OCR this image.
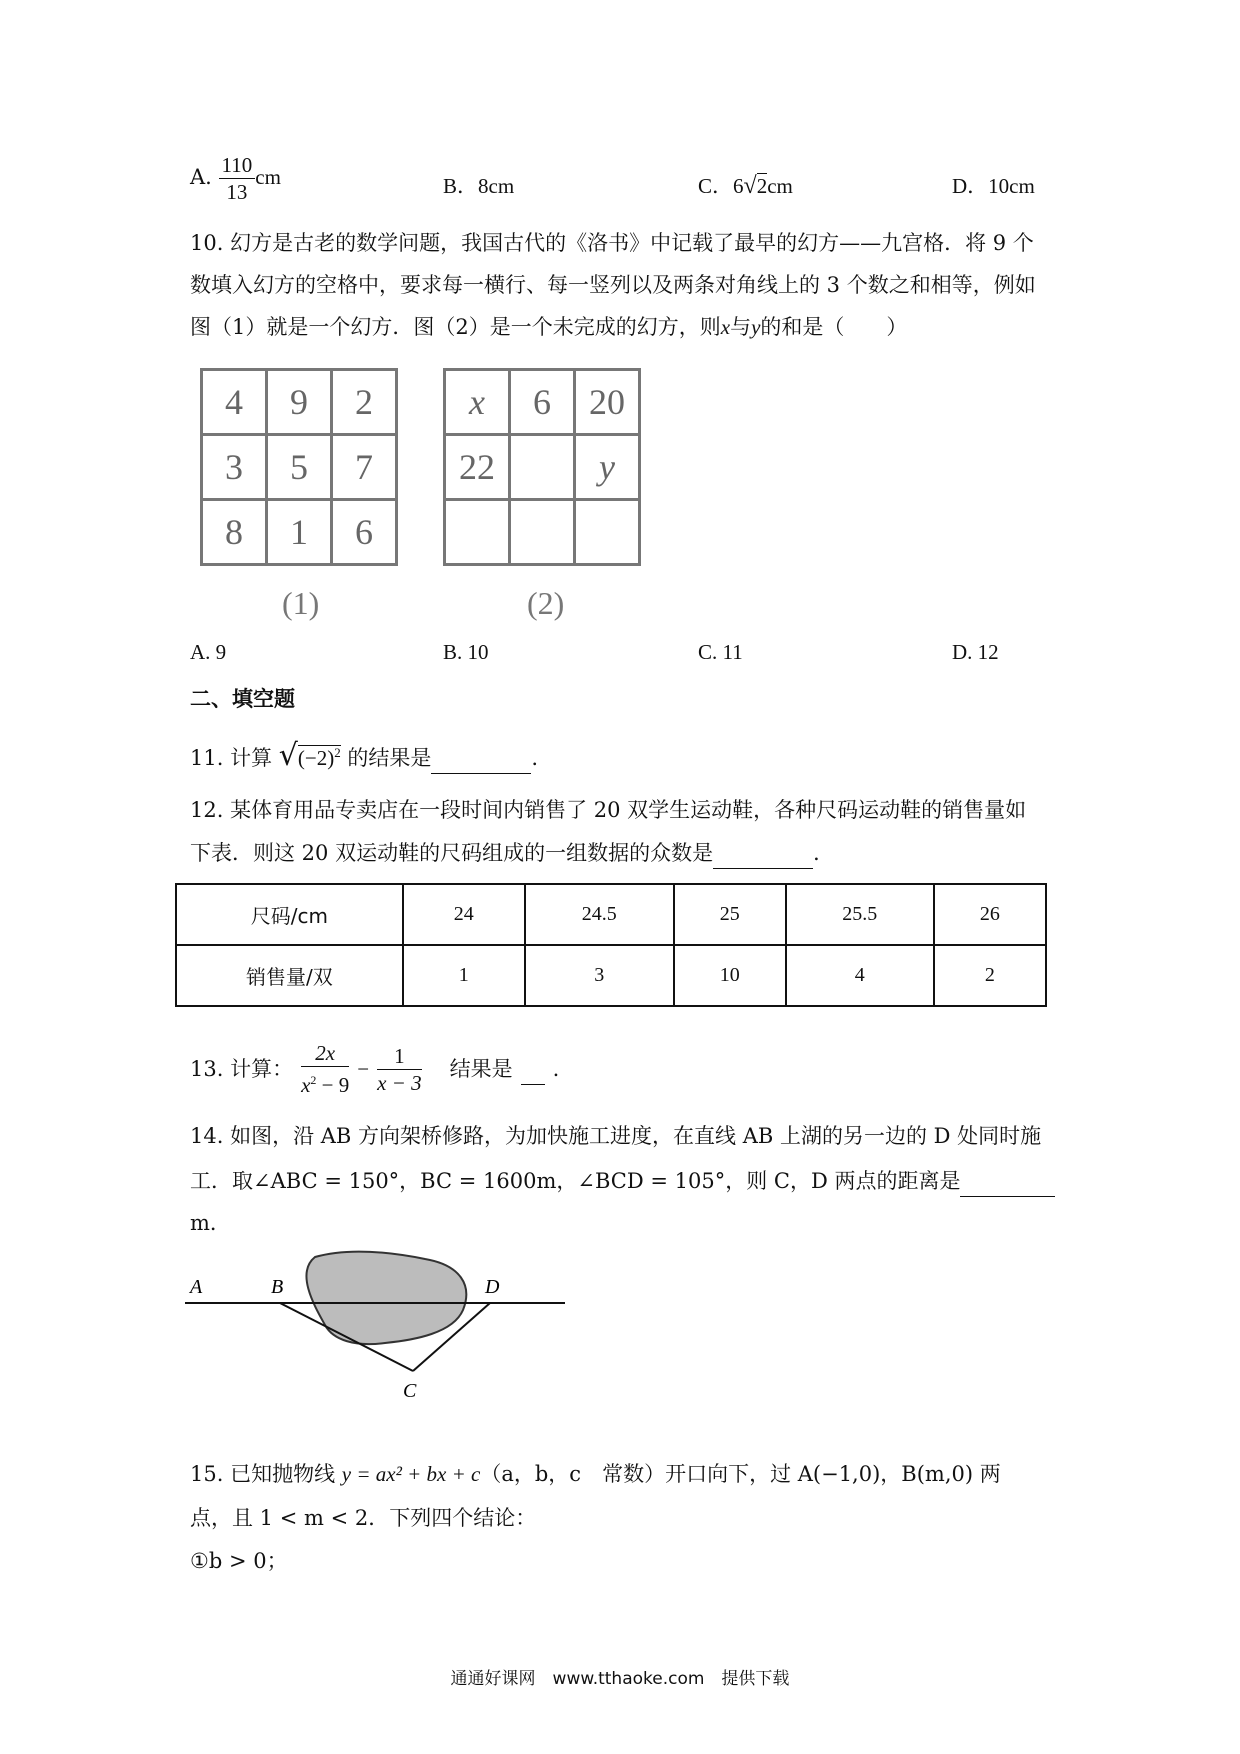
A. $\frac{110}{13}$ cm	B．8cm	C．6√2cm	D．10cm
10. 幻方是古老的数学问题，我国古代的《洛书》中记载了最早的幻方——九宫格．将 9 个
数填入幻方的空格中，要求每一横行、每一竖列以及两条对角线上的 3 个数之和相等，例如
图（1）就是一个幻方．图（2）是一个未完成的幻方，则x与y的和是（　　）
4	9	2
3	5	7
8	1	6
(1)
x	6	20
22		y

(2)
A. 9	B. 10	C. 11	D. 12
二、填空题
11. 计算 $√(-2)^2$ 的结果是	.
12. 某体育用品专卖店在一段时间内销售了 20 双学生运动鞋，各种尺码运动鞋的销售量如
下表．则这 20 双运动鞋的尺码组成的一组数据的众数是	．
尺码/cm	24	24.5	25	25.5	26
销售量/双	1	3	10	4	2
13. 计算： $\frac{2x}{x^2 - 9} - \frac{1}{x - 3}$ 结果是
.
14. 如图，沿 AB 方向架桥修路，为加快施工进度，在直线 AB 上湖的另一边的 D 处同时施
工．取∠ABC = 150°，BC = 1600m，∠BCD = 105°，则 C，D 两点的距离是
m．
A	B	D
C
15. 已知抛物线 y = ax² + bx + c（a，b，c　常数）开口向下，过 A(−1,0)，B(m,0) 两
点，且 1 < m < 2．下列四个结论：
①b > 0；
通通好课网　www.tthaoke.com　提供下载
